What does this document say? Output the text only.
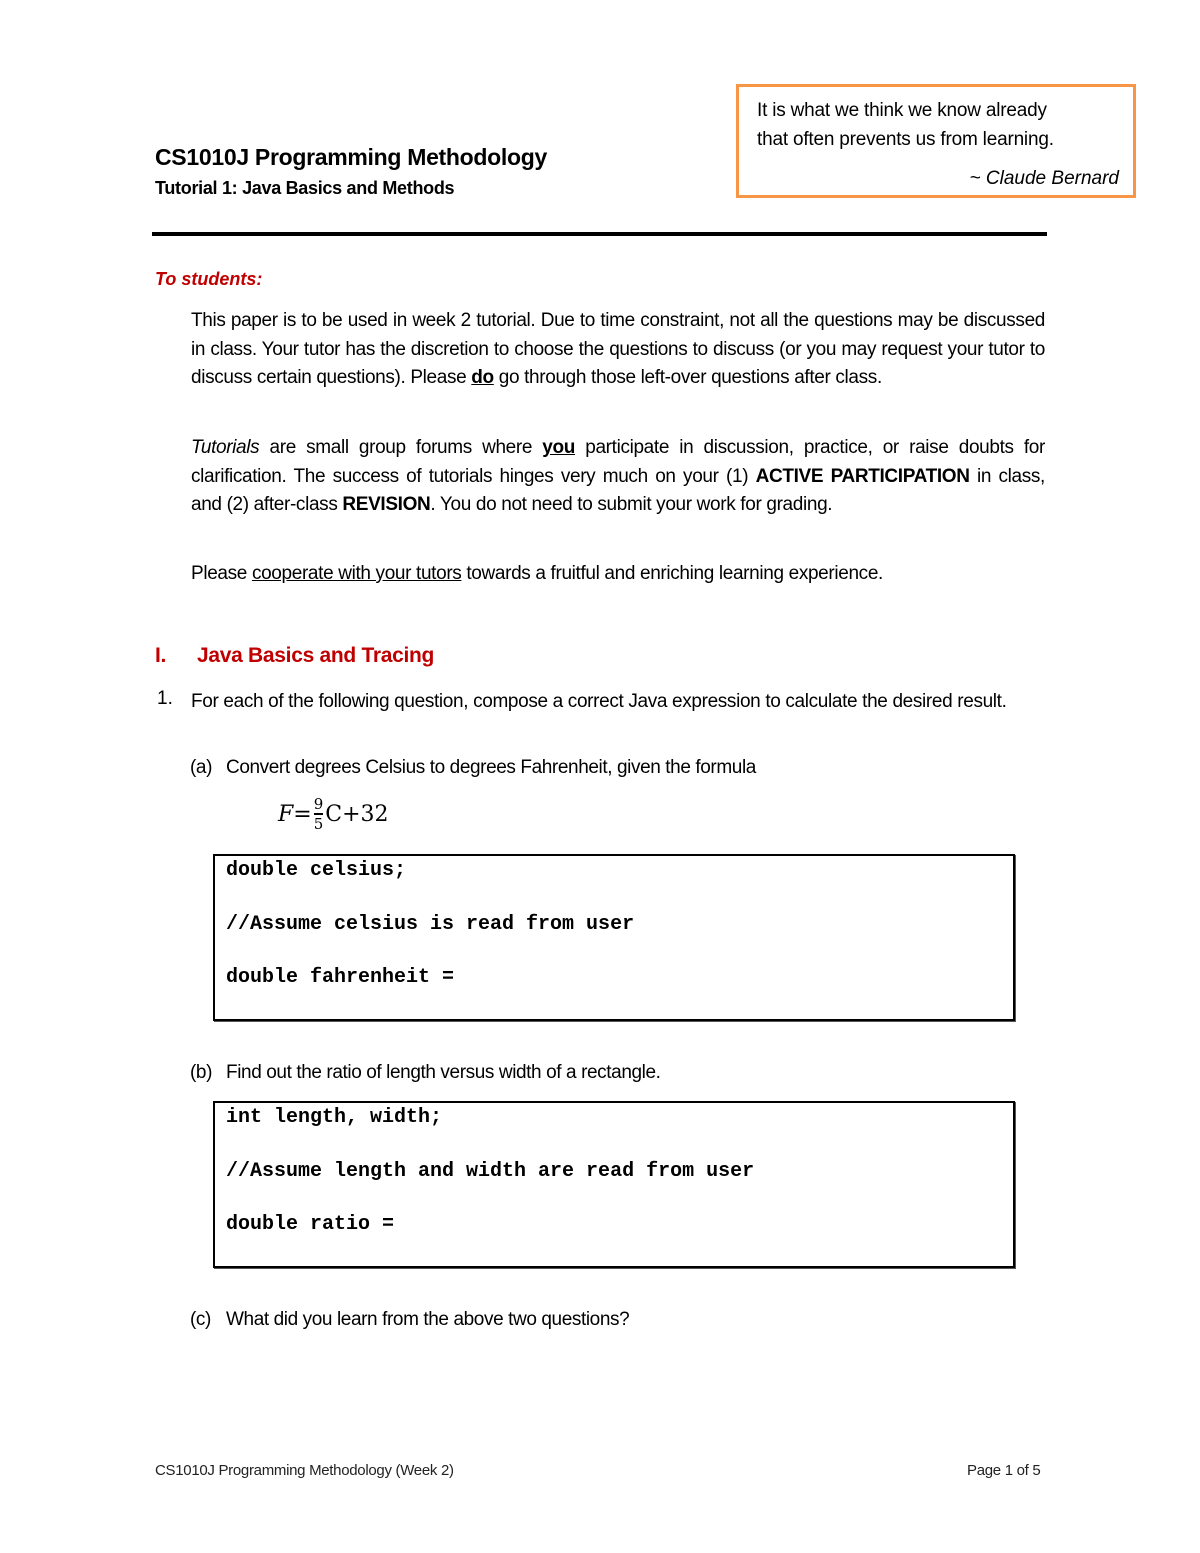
CS1010J Programming Methodology
Tutorial 1: Java Basics and Methods
It is what we think we know already
that often prevents us from learning.
~ Claude Bernard
To students:
This paper is to be used in week 2 tutorial. Due to time constraint, not all the questions may be discussed in class. Your tutor has the discretion to choose the questions to discuss (or you may request your tutor to discuss certain questions). Please do go through those left-over questions after class.
Tutorials are small group forums where you participate in discussion, practice, or raise doubts for clarification. The success of tutorials hinges very much on your (1) ACTIVE PARTICIPATION in class, and (2) after-class REVISION. You do not need to submit your work for grading.
Please cooperate with your tutors towards a fruitful and enriching learning experience.
I. Java Basics and Tracing
1. For each of the following question, compose a correct Java expression to calculate the desired result.
(a) Convert degrees Celsius to degrees Fahrenheit, given the formula
$F = \frac{9}{5} C+32$
double celsius;
//Assume celsius is read from user
double fahrenheit =
(b) Find out the ratio of length versus width of a rectangle.
int length, width;
//Assume length and width are read from user
double ratio =
(c) What did you learn from the above two questions?
CS1010J Programming Methodology (Week 2)	Page 1 of 5
